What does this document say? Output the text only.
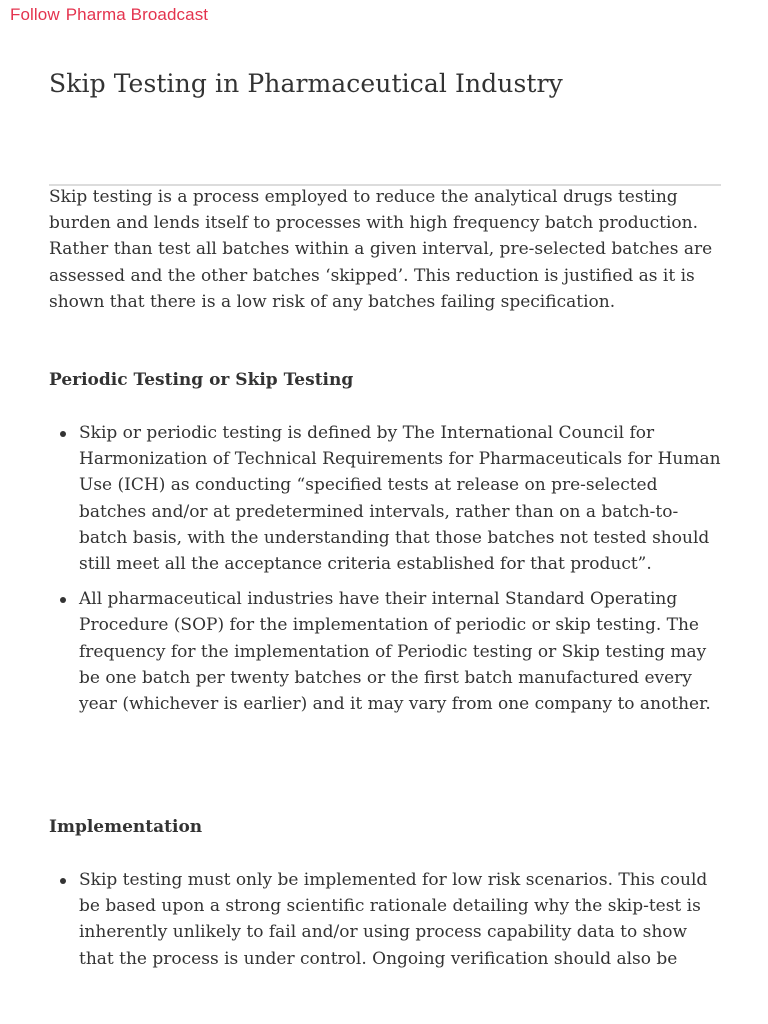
Follow Pharma Broadcast
Skip Testing in Pharmaceutical Industry

Skip testing is a process employed to reduce the analytical drugs testing burden and lends itself to processes with high frequency batch production. Rather than test all batches within a given interval, pre-selected batches are assessed and the other batches ‘skipped’. This reduction is justified as it is shown that there is a low risk of any batches failing specification.

Periodic Testing or Skip Testing
Skip or periodic testing is defined by The International Council for Harmonization of Technical Requirements for Pharmaceuticals for Human Use (ICH) as conducting “specified tests at release on pre-selected batches and/or at predetermined intervals, rather than on a batch-to-batch basis, with the understanding that those batches not tested should still meet all the acceptance criteria established for that product”.
All pharmaceutical industries have their internal Standard Operating Procedure (SOP) for the implementation of periodic or skip testing. The frequency for the implementation of Periodic testing or Skip testing may be one batch per twenty batches or the first batch manufactured every year (whichever is earlier) and it may vary from one company to another.
Implementation
Skip testing must only be implemented for low risk scenarios. This could be based upon a strong scientific rationale detailing why the skip-test is inherently unlikely to fail and/or using process capability data to show that the process is under control. Ongoing verification should also be
